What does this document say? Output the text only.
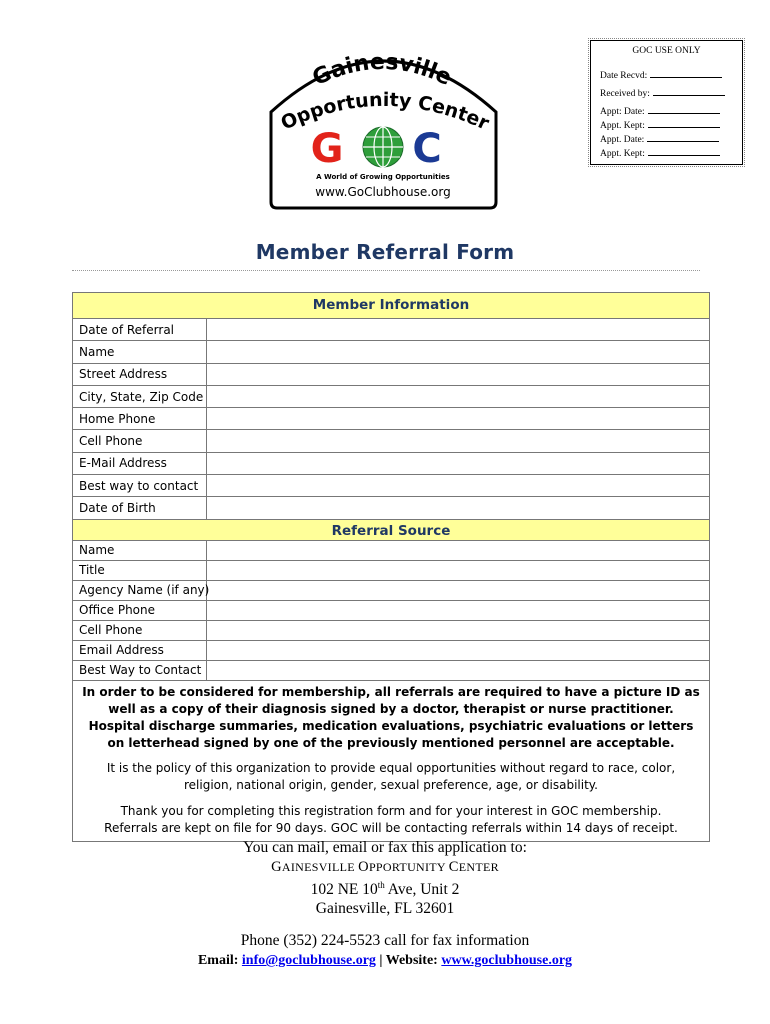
Gainesville
Opportunity Center
G C
A World of Growing Opportunities
www.GoClubhouse.org
GOC USE ONLY
Date Recvd:
Received by:
Appt: Date:
Appt. Kept:
Appt. Date:
Appt. Kept:
Member Referral Form
Member Information
Date of Referral
Name
Street Address
City, State, Zip Code
Home Phone
Cell Phone
E-Mail Address
Best way to contact
Date of Birth
Referral Source
Name
Title
Agency Name (if any)
Office Phone
Cell Phone
Email Address
Best Way to Contact
In order to be considered for membership, all referrals are required to have a picture ID as well as a copy of their diagnosis signed by a doctor, therapist or nurse practitioner. Hospital discharge summaries, medication evaluations, psychiatric evaluations or letters on letterhead signed by one of the previously mentioned personnel are acceptable.
It is the policy of this organization to provide equal opportunities without regard to race, color, religion, national origin, gender, sexual preference, age, or disability.
Thank you for completing this registration form and for your interest in GOC membership.
Referrals are kept on file for 90 days. GOC will be contacting referrals within 14 days of receipt.
You can mail, email or fax this application to:
GAINESVILLE OPPORTUNITY CENTER
102 NE 10th Ave, Unit 2
Gainesville, FL 32601
Phone (352) 224-5523 call for fax information
Email: info@goclubhouse.org | Website: www.goclubhouse.org
